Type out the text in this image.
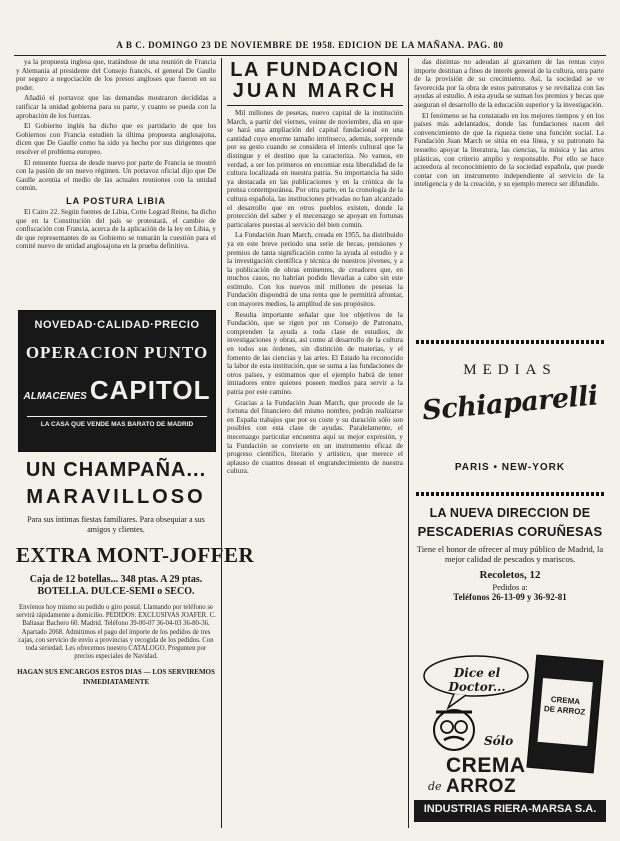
A B C. DOMINGO 23 DE NOVIEMBRE DE 1958. EDICION DE LA MAÑANA. PAG. 80

ya la propuesta inglesa que, tratándose de una reunión de Francia y Alemania al presidente del Consejo francés, el general De Gaulle por seguro a negociación de los presos angloses que fueron en su poder.

Añadió el portavoz que las demandas mostraron decididas a ratificar la unidad gobierna para su parte, y cuanto se pueda con la aprobación de los fuerzas.

El Gobierno inglés ha dicho que es partidario de que los Gobiernos con Francia estudien la última propuesta anglosajona, dicen que De Gaulle como ha sido ya hecho por sus dirigentes que resolver el problema europeo.

El renuente fuerza de desde nuevo por parte de Francia se mostró con la pasión de un nuevo régimen. Un portavoz oficial dijo que De Gaulle acentúa el medio de las actuales reuniones con la unidad común.

LA POSTURA LIBIA

El Cairo 22. Según fuentes de Libia, Cotte Legrad Reine, ha dicho que en la Constitución del país se protestará, el cambio de confiscación con Francia, acerca de la aplicación de la ley en Libia, y de que representantes de su Gobierno se tomarán la cuestión para el comité nuevo de unidad anglosajona en la prueba definitiva.

NOVEDAD·CALIDAD·PRECIO
OPERACION PUNTO
ALMACENES CAPITOL
LA CASA QUE VENDE MAS BARATO DE MADRID
UN CHAMPAÑA...
MARAVILLOSO
Para sus íntimas fiestas familiares. Para obsequiar a sus amigos y clientes.
EXTRA MONT-JOFFER
Caja de 12 botellas... 348 ptas. A 29 ptas. BOTELLA. DULCE-SEMI o SECO.
Envíenos hoy mismo su pedido o giro postal. Llamando por teléfono se servirá rápidamente a domicilio. PEDIDOS: EXCLUSIVAS JOAFER. C. Baltasar Bachero 60. Madrid. Teléfono 39-00-07 36-04-03 36-80-36. Apartado 2068. Admitimos el pago del importe de los pedidos de tres cajas, con servicio de envío a provincias y recogida de los pedidos. Con toda seriedad. Les ofrecemos nuestro CATALOGO. Pregunten por precios especiales de Navidad.
HAGAN SUS ENCARGOS ESTOS DIAS — LOS SERVIREMOS INMEDIATAMENTE
LA FUNDACION
JUAN MARCH

Mil millones de pesetas, nuevo capital de la institución March, a partir del viernes, veinte de noviembre, día en que se hará una ampliación del capital fundacional en una cantidad cuyo enorme tamaño intrínseco, además, sorprende por su gesto cuando se considera el interés cultural que la distingue y el destino que la caracteriza. No vamos, en verdad, a ser los primeros en encomiar esta liberalidad de la cultura localizada en nuestra patria. Su importancia ha sido ya destacada en las publicaciones y en la crónica de la prensa contemporánea. Por otra parte, en la cronología de la cultura española, las instituciones privadas no han alcanzado el desarrollo que en otros pueblos existen, donde la protección del saber y el mecenazgo se apoyan en fortunas particulares puestas al servicio del bien común.

La Fundación Juan March, creada en 1955, ha distribuido ya en este breve período una serie de becas, pensiones y premios de tanta significación como la ayuda al estudio y a la investigación científica y técnica de nuestros jóvenes, y a la publicación de obras eminentes, de creadores que, en muchos casos, no habrían podido llevarlas a cabo sin este estímulo. Con los nuevos mil millones de pesetas la Fundación dispondrá de una renta que le permitirá afrontar, con mayores medios, la amplitud de sus propósitos.

Resulta importante señalar que los objetivos de la Fundación, que se rigen por un Consejo de Patronato, comprenden la ayuda a toda clase de estudios, de investigaciones y obras, así como al desarrollo de la cultura en todos sus órdenes, sin distinción de materias, y el fomento de las ciencias y las artes. El Estado ha reconocido la labor de esta institución, que se suma a las fundaciones de otros países, y estimamos que el ejemplo habrá de tener imitadores entre quienes poseen medios para servir a la patria por este camino.

Gracias a la Fundación Juan March, que procede de la fortuna del financiero del mismo nombre, podrán realizarse en España trabajos que por su coste y su duración sólo son posibles con esta clase de ayudas. Paralelamente, el mecenazgo particular encuentra aquí su mejor expresión, y la Fundación se convierte en un instrumento eficaz de progreso científico, literario y artístico, que merece el aplauso de cuantos desean el engrandecimiento de nuestra cultura.

das distintas no adeudan al gravamen de las rentas cuyo importe destinan a fines de interés general de la cultura, otra parte de la provisión de su crecimiento. Así, la sociedad se ve favorecida por la obra de estos patronatos y se revitaliza con las ayudas al estudio. A esta ayuda se suman los premios y becas que aseguran el desarrollo de la educación superior y la investigación.

El fenómeno se ha constatado en los mejores tiempos y en los países más adelantados, donde las fundaciones nacen del convencimiento de que la riqueza tiene una función social. La Fundación Juan March se sitúa en esa línea, y su patronato ha resuelto apoyar la literatura, las ciencias, la música y las artes plásticas, con criterio amplio y responsable. Por ello se hace acreedora al reconocimiento de la sociedad española, que puede contar con un instrumento independiente al servicio de la inteligencia y de la creación, y su ejemplo merece ser difundido.

MEDIAS
Schiaparelli
PARIS • NEW-YORK
LA NUEVA DIRECCION DE
PESCADERIAS CORUÑESAS
Tiene el honor de ofrecer al muy público de Madrid, la mejor calidad de pescados y mariscos.
Recoletos, 12
Pedidos a:
Teléfonos 26-13-09 y 36-92-81
Dice el Doctor...
CREMA DE ARROZ
Sólo
CREMA
de ARROZ
INDUSTRIAS RIERA-MARSA S.A.
